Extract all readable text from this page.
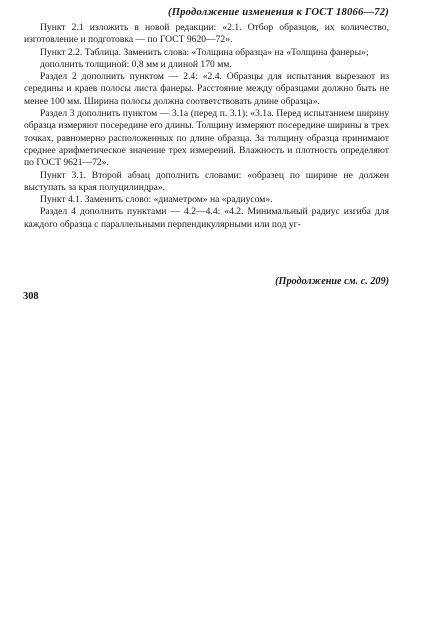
(Продолжение изменения к ГОСТ 18066—72)

Пункт 2.1 изложить в новой редакции: «2.1. Отбор образцов, их количество, изготовление и подготовка — по ГОСТ 9620—72».

Пункт 2.2. Таблица. Заменить слова: «Толщина образца» на «Толщина фанеры»;

дополнить толщиной: 0,8 мм и длиной 170 мм.

Раздел 2 дополнить пунктом — 2.4: «2.4. Образцы для испытания вырезают из середины и краев полосы листа фанеры. Расстояние между образцами должно быть не менее 100 мм. Ширина полосы должна соответствовать длине образца».

Раздел 3 дополнить пунктом — 3.1а (перед п. 3.1): «3.1а. Перед испытанием ширину образца измеряют посередине его длины. Толщину измеряют посередине ширины в трех точках, равномерно расположенных по длине образца. За толщину образца принимают среднее арифметическое значение трех измерений. Влажность и плотность определяют по ГОСТ 9621—72».

Пункт 3.1. Второй абзац дополнить словами: «образец по ширине не должен выступать за края полуцилиндра».

Пункт 4.1. Заменить слово: «диаметром» на «радиусом».

Раздел 4 дополнить пунктами — 4.2—4.4: «4.2. Минимальный радиус изгиба для каждого образца с параллельными перпендикулярными или под уг-

(Продолжение см. с. 209)
308
